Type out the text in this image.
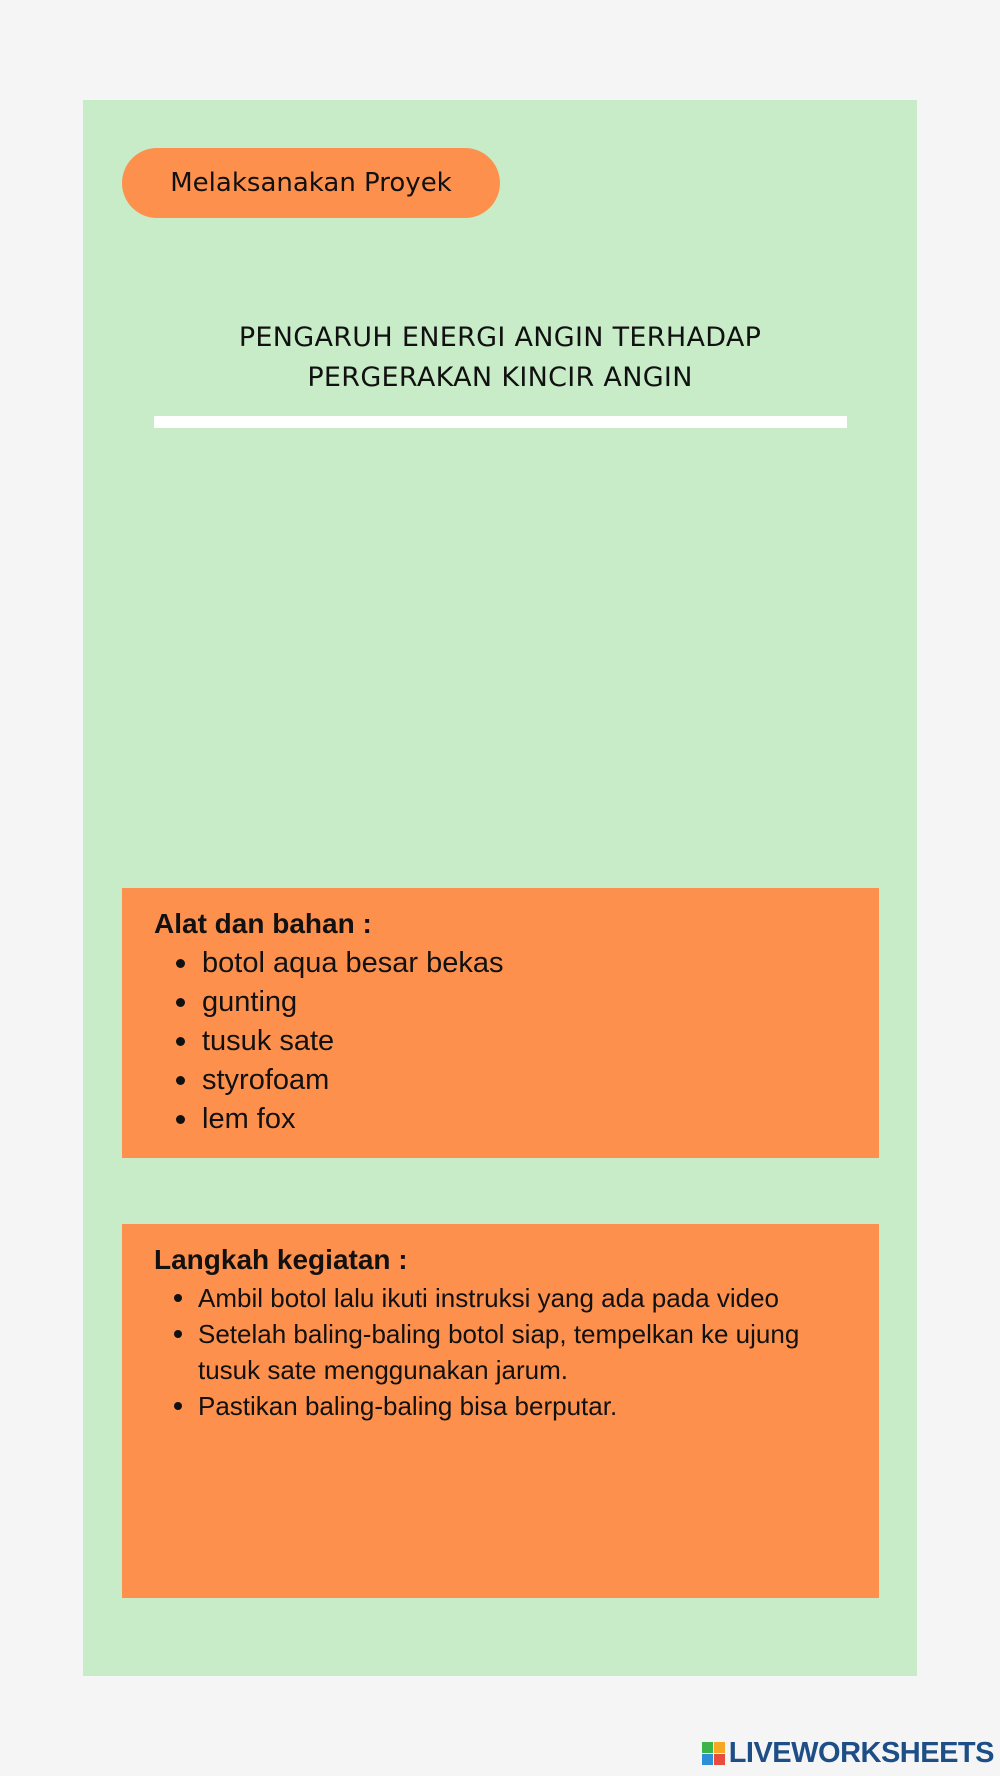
Melaksanakan Proyek
PENGARUH ENERGI ANGIN TERHADAP
PERGERAKAN KINCIR ANGIN
Alat dan bahan :
botol aqua besar bekas
gunting
tusuk sate
styrofoam
lem fox
Langkah kegiatan :
Ambil botol lalu ikuti instruksi yang ada pada video
Setelah baling-baling botol siap, tempelkan ke ujung tusuk sate menggunakan jarum.
Pastikan baling-baling bisa berputar.
LIVEWORKSHEETS
